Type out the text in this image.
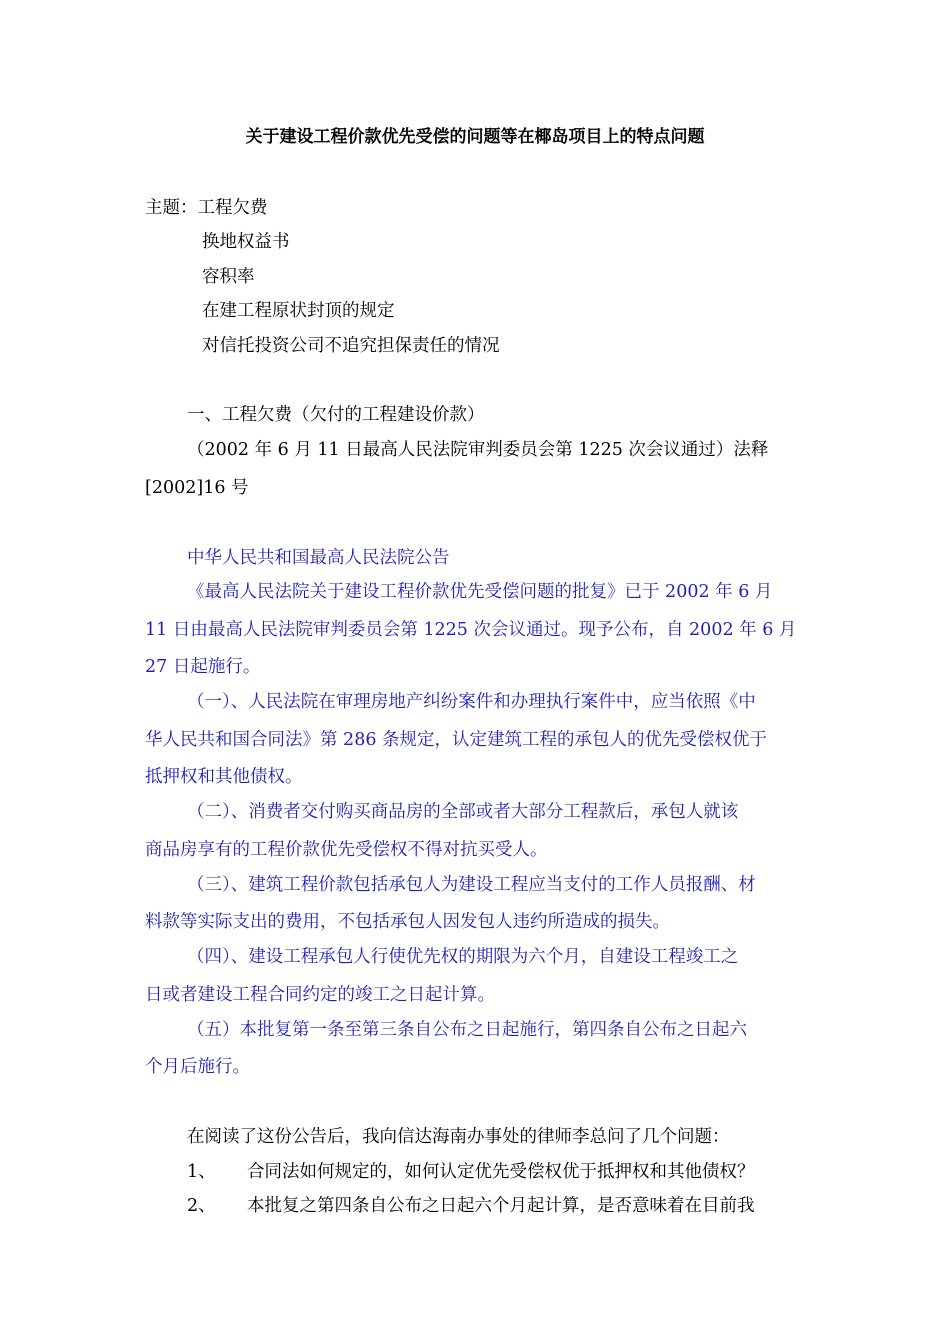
关于建设工程价款优先受偿的问题等在椰岛项目上的特点问题
主题：工程欠费
换地权益书
容积率
在建工程原状封顶的规定
对信托投资公司不追究担保责任的情况
一、工程欠费（欠付的工程建设价款）
（2002 年 6 月 11 日最高人民法院审判委员会第 1225 次会议通过）法释
[2002]16 号
中华人民共和国最高人民法院公告
《最高人民法院关于建设工程价款优先受偿问题的批复》已于 2002 年 6 月
11 日由最高人民法院审判委员会第 1225 次会议通过。现予公布，自 2002 年 6 月
27 日起施行。
（一）、人民法院在审理房地产纠纷案件和办理执行案件中，应当依照《中
华人民共和国合同法》第 286 条规定，认定建筑工程的承包人的优先受偿权优于
抵押权和其他债权。
（二）、消费者交付购买商品房的全部或者大部分工程款后，承包人就该
商品房享有的工程价款优先受偿权不得对抗买受人。
（三）、建筑工程价款包括承包人为建设工程应当支付的工作人员报酬、材
料款等实际支出的费用，不包括承包人因发包人违约所造成的损失。
（四）、建设工程承包人行使优先权的期限为六个月，自建设工程竣工之
日或者建设工程合同约定的竣工之日起计算。
（五）本批复第一条至第三条自公布之日起施行，第四条自公布之日起六
个月后施行。
在阅读了这份公告后，我向信达海南办事处的律师李总问了几个问题：
1、 合同法如何规定的，如何认定优先受偿权优于抵押权和其他债权？
2、 本批复之第四条自公布之日起六个月起计算，是否意味着在目前我
